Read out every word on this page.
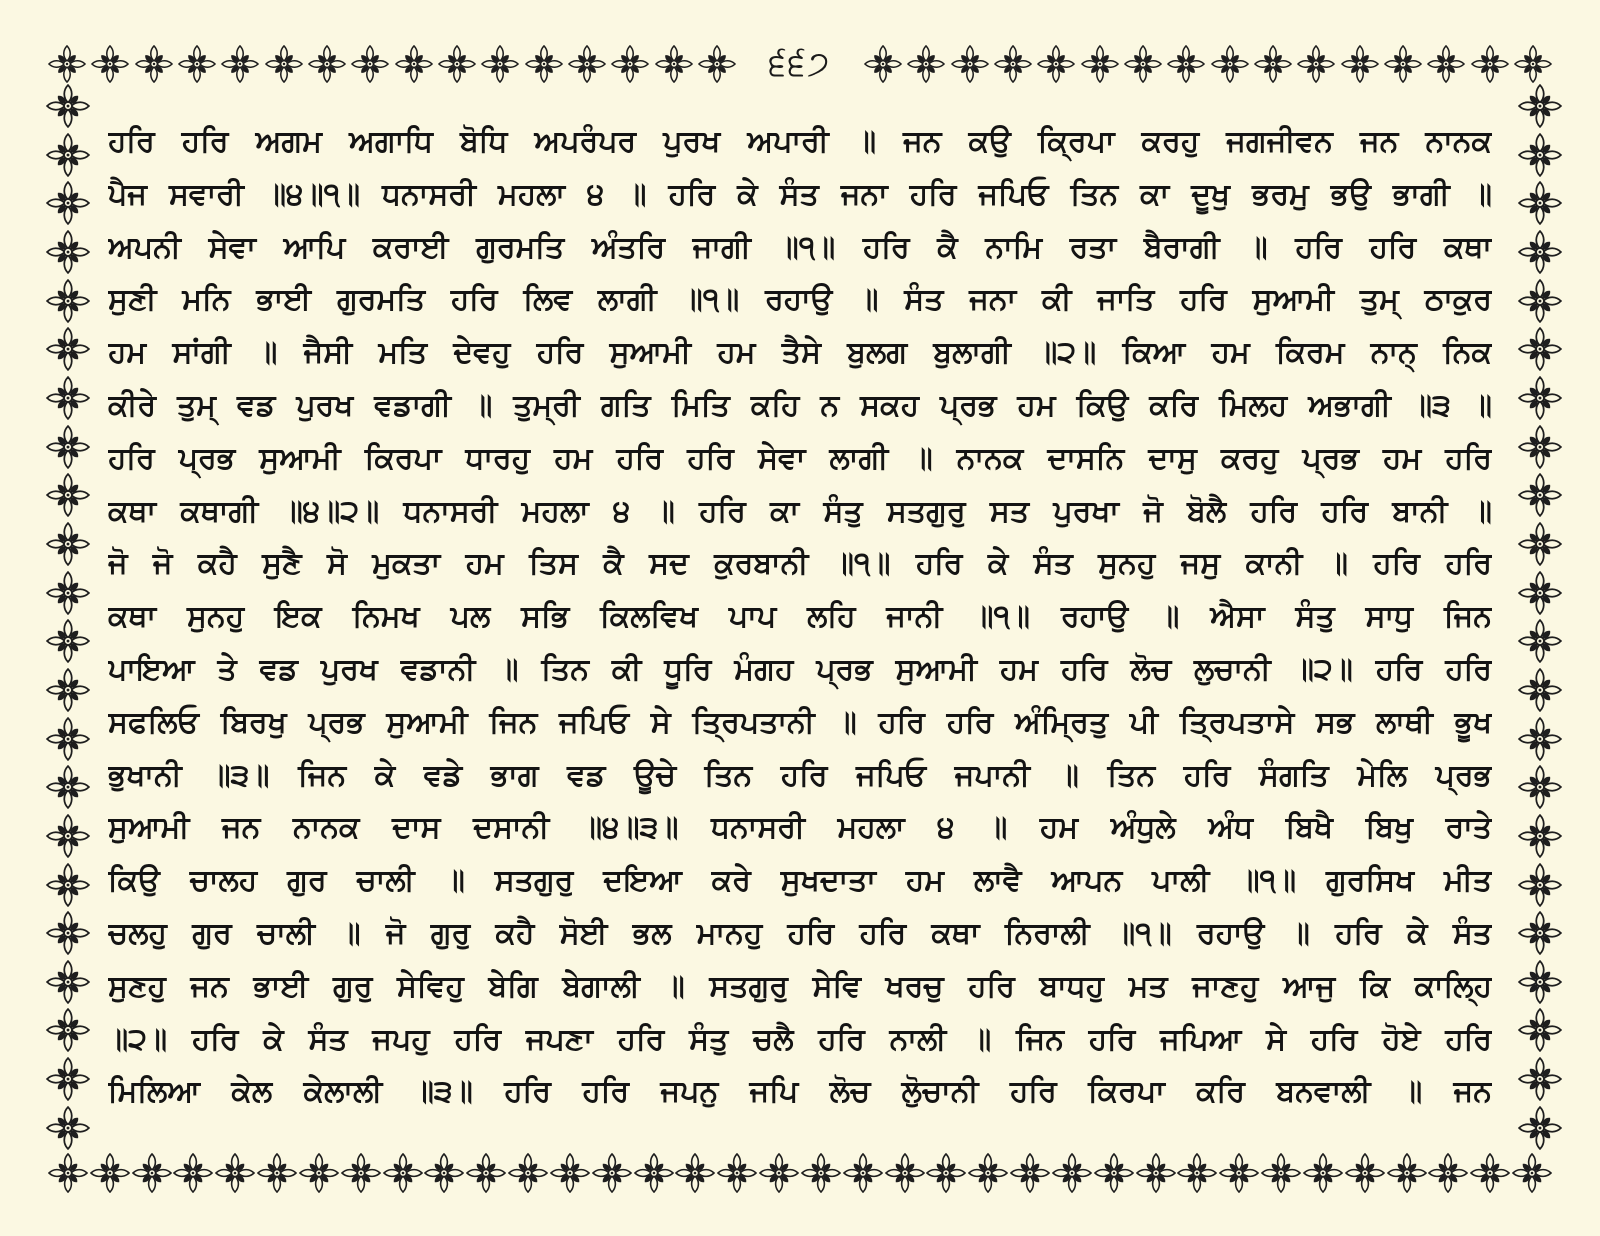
੬੬੭
ਹਰਿ ਹਰਿ ਅਗਮ ਅਗਾਧਿ ਬੋਧਿ ਅਪਰੰਪਰ ਪੁਰਖ ਅਪਾਰੀ ॥ ਜਨ ਕਉ ਕ੍ਰਿਪਾ ਕਰਹੁ ਜਗਜੀਵਨ ਜਨ ਨਾਨਕ
ਪੈਜ ਸਵਾਰੀ ॥੪॥੧॥ ਧਨਾਸਰੀ ਮਹਲਾ ੪ ॥ ਹਰਿ ਕੇ ਸੰਤ ਜਨਾ ਹਰਿ ਜਪਿਓ ਤਿਨ ਕਾ ਦੂਖੁ ਭਰਮੁ ਭਉ ਭਾਗੀ ॥
ਅਪਨੀ ਸੇਵਾ ਆਪਿ ਕਰਾਈ ਗੁਰਮਤਿ ਅੰਤਰਿ ਜਾਗੀ ॥੧॥ ਹਰਿ ਕੈ ਨਾਮਿ ਰਤਾ ਬੈਰਾਗੀ ॥ ਹਰਿ ਹਰਿ ਕਥਾ
ਸੁਣੀ ਮਨਿ ਭਾਈ ਗੁਰਮਤਿ ਹਰਿ ਲਿਵ ਲਾਗੀ ॥੧॥ ਰਹਾਉ ॥ ਸੰਤ ਜਨਾ ਕੀ ਜਾਤਿ ਹਰਿ ਸੁਆਮੀ ਤੁਮ੍ ਠਾਕੁਰ
ਹਮ ਸਾਂਗੀ ॥ ਜੈਸੀ ਮਤਿ ਦੇਵਹੁ ਹਰਿ ਸੁਆਮੀ ਹਮ ਤੈਸੇ ਬੁਲਗ ਬੁਲਾਗੀ ॥੨॥ ਕਿਆ ਹਮ ਕਿਰਮ ਨਾਨ੍ ਨਿਕ
ਕੀਰੇ ਤੁਮ੍ ਵਡ ਪੁਰਖ ਵਡਾਗੀ ॥ ਤੁਮ੍ਰੀ ਗਤਿ ਮਿਤਿ ਕਹਿ ਨ ਸਕਹ ਪ੍ਰਭ ਹਮ ਕਿਉ ਕਰਿ ਮਿਲਹ ਅਭਾਗੀ ॥੩ ॥
ਹਰਿ ਪ੍ਰਭ ਸੁਆਮੀ ਕਿਰਪਾ ਧਾਰਹੁ ਹਮ ਹਰਿ ਹਰਿ ਸੇਵਾ ਲਾਗੀ ॥ ਨਾਨਕ ਦਾਸਨਿ ਦਾਸੁ ਕਰਹੁ ਪ੍ਰਭ ਹਮ ਹਰਿ
ਕਥਾ ਕਥਾਗੀ ॥੪॥੨॥ ਧਨਾਸਰੀ ਮਹਲਾ ੪ ॥ ਹਰਿ ਕਾ ਸੰਤੁ ਸਤਗੁਰੁ ਸਤ ਪੁਰਖਾ ਜੋ ਬੋਲੈ ਹਰਿ ਹਰਿ ਬਾਨੀ ॥
ਜੋ ਜੋ ਕਹੈ ਸੁਣੈ ਸੋ ਮੁਕਤਾ ਹਮ ਤਿਸ ਕੈ ਸਦ ਕੁਰਬਾਨੀ ॥੧॥ ਹਰਿ ਕੇ ਸੰਤ ਸੁਨਹੁ ਜਸੁ ਕਾਨੀ ॥ ਹਰਿ ਹਰਿ
ਕਥਾ ਸੁਨਹੁ ਇਕ ਨਿਮਖ ਪਲ ਸਭਿ ਕਿਲਵਿਖ ਪਾਪ ਲਹਿ ਜਾਨੀ ॥੧॥ ਰਹਾਉ ॥ ਐਸਾ ਸੰਤੁ ਸਾਧੁ ਜਿਨ
ਪਾਇਆ ਤੇ ਵਡ ਪੁਰਖ ਵਡਾਨੀ ॥ ਤਿਨ ਕੀ ਧੂਰਿ ਮੰਗਹ ਪ੍ਰਭ ਸੁਆਮੀ ਹਮ ਹਰਿ ਲੋਚ ਲੁਚਾਨੀ ॥੨॥ ਹਰਿ ਹਰਿ
ਸਫਲਿਓ ਬਿਰਖੁ ਪ੍ਰਭ ਸੁਆਮੀ ਜਿਨ ਜਪਿਓ ਸੇ ਤ੍ਰਿਪਤਾਨੀ ॥ ਹਰਿ ਹਰਿ ਅੰਮ੍ਰਿਤੁ ਪੀ ਤ੍ਰਿਪਤਾਸੇ ਸਭ ਲਾਥੀ ਭੂਖ
ਭੁਖਾਨੀ ॥੩॥ ਜਿਨ ਕੇ ਵਡੇ ਭਾਗ ਵਡ ਊਚੇ ਤਿਨ ਹਰਿ ਜਪਿਓ ਜਪਾਨੀ ॥ ਤਿਨ ਹਰਿ ਸੰਗਤਿ ਮੇਲਿ ਪ੍ਰਭ
ਸੁਆਮੀ ਜਨ ਨਾਨਕ ਦਾਸ ਦਸਾਨੀ ॥੪॥੩॥ ਧਨਾਸਰੀ ਮਹਲਾ ੪ ॥ ਹਮ ਅੰਧੁਲੇ ਅੰਧ ਬਿਖੈ ਬਿਖੁ ਰਾਤੇ
ਕਿਉ ਚਾਲਹ ਗੁਰ ਚਾਲੀ ॥ ਸਤਗੁਰੁ ਦਇਆ ਕਰੇ ਸੁਖਦਾਤਾ ਹਮ ਲਾਵੈ ਆਪਨ ਪਾਲੀ ॥੧॥ ਗੁਰਸਿਖ ਮੀਤ
ਚਲਹੁ ਗੁਰ ਚਾਲੀ ॥ ਜੋ ਗੁਰੁ ਕਹੈ ਸੋਈ ਭਲ ਮਾਨਹੁ ਹਰਿ ਹਰਿ ਕਥਾ ਨਿਰਾਲੀ ॥੧॥ ਰਹਾਉ ॥ ਹਰਿ ਕੇ ਸੰਤ
ਸੁਣਹੁ ਜਨ ਭਾਈ ਗੁਰੁ ਸੇਵਿਹੁ ਬੇਗਿ ਬੇਗਾਲੀ ॥ ਸਤਗੁਰੁ ਸੇਵਿ ਖਰਚੁ ਹਰਿ ਬਾਧਹੁ ਮਤ ਜਾਣਹੁ ਆਜੁ ਕਿ ਕਾਲ੍ਹਿ
॥੨॥ ਹਰਿ ਕੇ ਸੰਤ ਜਪਹੁ ਹਰਿ ਜਪਣਾ ਹਰਿ ਸੰਤੁ ਚਲੈ ਹਰਿ ਨਾਲੀ ॥ ਜਿਨ ਹਰਿ ਜਪਿਆ ਸੇ ਹਰਿ ਹੋਏ ਹਰਿ
ਮਿਲਿਆ ਕੇਲ ਕੇਲਾਲੀ ॥੩॥ ਹਰਿ ਹਰਿ ਜਪਨੁ ਜਪਿ ਲੋਚ ਲੋੁਚਾਨੀ ਹਰਿ ਕਿਰਪਾ ਕਰਿ ਬਨਵਾਲੀ ॥ ਜਨ
